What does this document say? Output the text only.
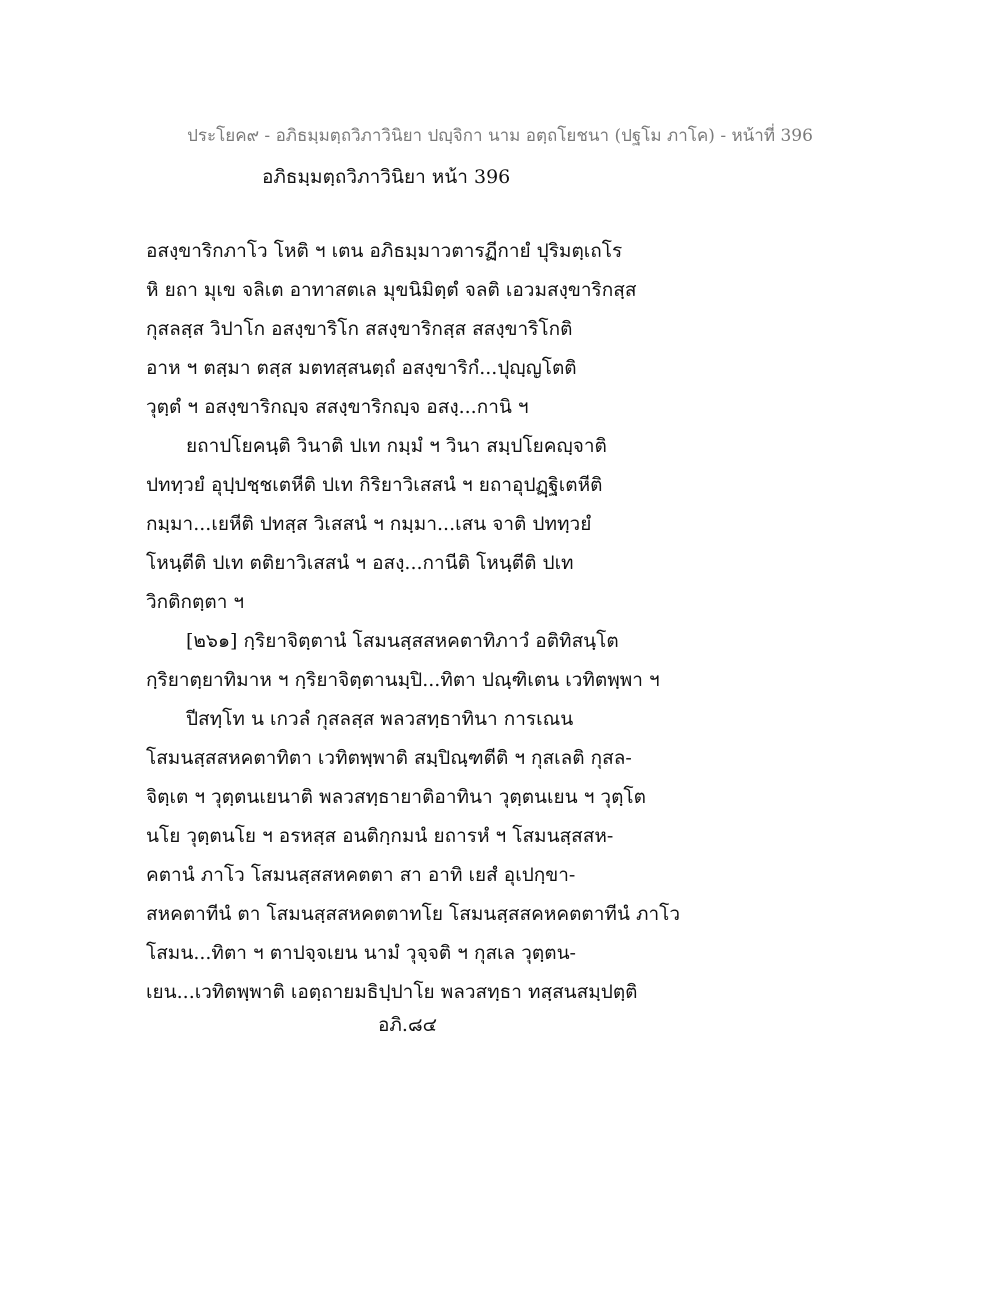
ประโยค๙ - อภิธมฺมตฺถวิภาวินิยา ปญฺจิกา นาม อตฺถโยชนา (ปฐโม ภาโค) - หน้าที่ 396
อภิธมฺมตฺถวิภาวินิยา หน้า 396
อสงฺขาริกภาโว โหติ ฯ เตน อภิธมฺมาวตารฏีกายํ ปุริมตฺเถโร
หิ ยถา มุเข จลิเต อาทาสตเล มุขนิมิตฺตํ จลติ เอวมสงฺขาริกสฺส
กุสลสฺส วิปาโก อสงฺขาริโก สสงฺขาริกสฺส สสงฺขาริโกติ
อาห ฯ ตสฺมา ตสฺส มตทสฺสนตฺถํ อสงฺขาริกํ...ปุญฺญโตติ
วุตฺตํ ฯ อสงฺขาริกญฺจ สสงฺขาริกญฺจ อสงฺ...กานิ ฯ
ยถาปโยคนฺติ วินาติ ปเท กมฺมํ ฯ วินา สมฺปโยคญฺจาติ
ปททฺวยํ อุปฺปชฺชเตหีติ ปเท กิริยาวิเสสนํ ฯ ยถาอุปฏฺฐิเตหีติ
กมฺมา...เยหีติ ปทสฺส วิเสสนํ ฯ กมฺมา...เสน จาติ ปททฺวยํ
โหนฺตีติ ปเท ตติยาวิเสสนํ ฯ อสงฺ...กานีติ โหนฺตีติ ปเท
วิกติกตฺตา ฯ
[๒๖๑] กฺริยาจิตฺตานํ โสมนสฺสสหคตาทิภาวํ อติทิสนฺโต
กฺริยาตฺยาทิมาห ฯ กฺริยาจิตฺตานมฺปิ...ทิตา ปณฺฑิเตน เวทิตพฺพา ฯ
ปีสทฺโท น เกวลํ กุสลสฺส พลวสทฺธาทินา การเณน
โสมนสฺสสหคตาทิตา เวทิตพฺพาติ สมฺปิณฺฑตีติ ฯ กุสเลติ กุสล-
จิตฺเต ฯ วุตฺตนเยนาติ พลวสทฺธายาติอาทินา วุตฺตนเยน ฯ วุตฺโต
นโย วุตฺตนโย ฯ อรหสฺส อนติกฺกมนํ ยถารหํ ฯ โสมนสฺสสห-
คตานํ ภาโว โสมนสฺสสหคตตา สา อาทิ เยสํ อุเปกฺขา-
สหคตาทีนํ ตา โสมนสฺสสหคตตาทโย โสมนสฺสสคหคตตาทีนํ ภาโว
โสมน...ทิตา ฯ ตาปจฺจเยน นามํ วุจฺจติ ฯ กุสเล วุตฺตน-
เยน...เวทิตพฺพาติ เอตฺถายมธิปฺปาโย พลวสทฺธา ทสฺสนสมฺปตฺติ
อภิ.๘๔
